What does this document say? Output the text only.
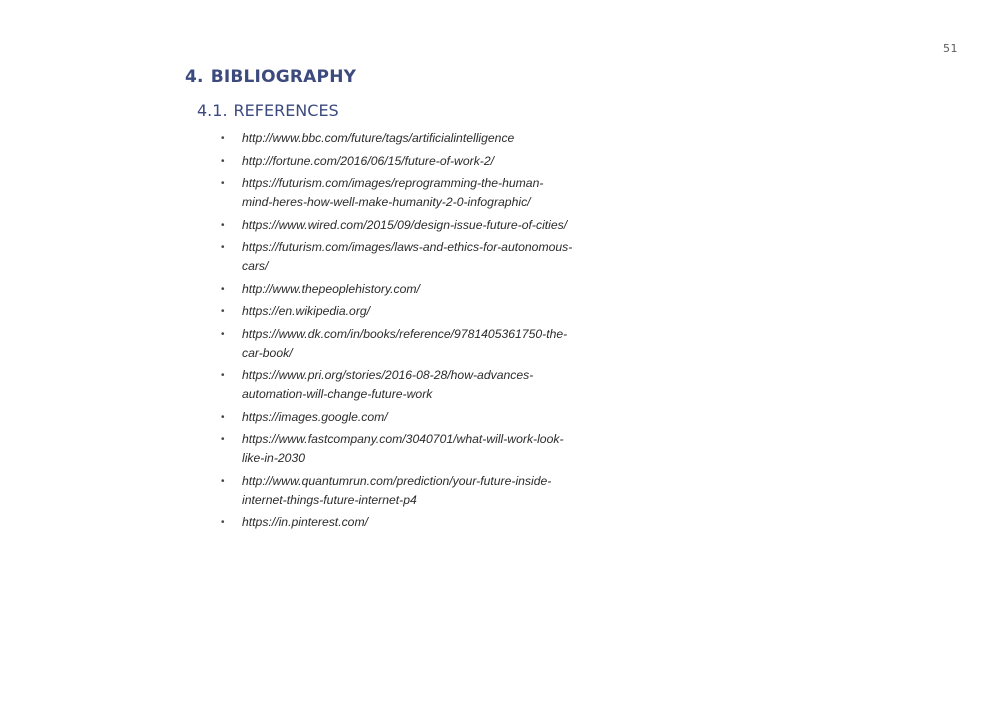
51
4. BIBLIOGRAPHY
4.1. REFERENCES
• http://www.bbc.com/future/tags/artificialintelligence
• http://fortune.com/2016/06/15/future-of-work-2/
• https://futurism.com/images/reprogramming-the-human-
mind-heres-how-well-make-humanity-2-0-infographic/
• https://www.wired.com/2015/09/design-issue-future-of-cities/
• https://futurism.com/images/laws-and-ethics-for-autonomous-
cars/
• http://www.thepeoplehistory.com/
• https://en.wikipedia.org/
• https://www.dk.com/in/books/reference/9781405361750-the-
car-book/
• https://www.pri.org/stories/2016-08-28/how-advances-
automation-will-change-future-work
• https://images.google.com/
• https://www.fastcompany.com/3040701/what-will-work-look-
like-in-2030
• http://www.quantumrun.com/prediction/your-future-inside-
internet-things-future-internet-p4
• https://in.pinterest.com/
